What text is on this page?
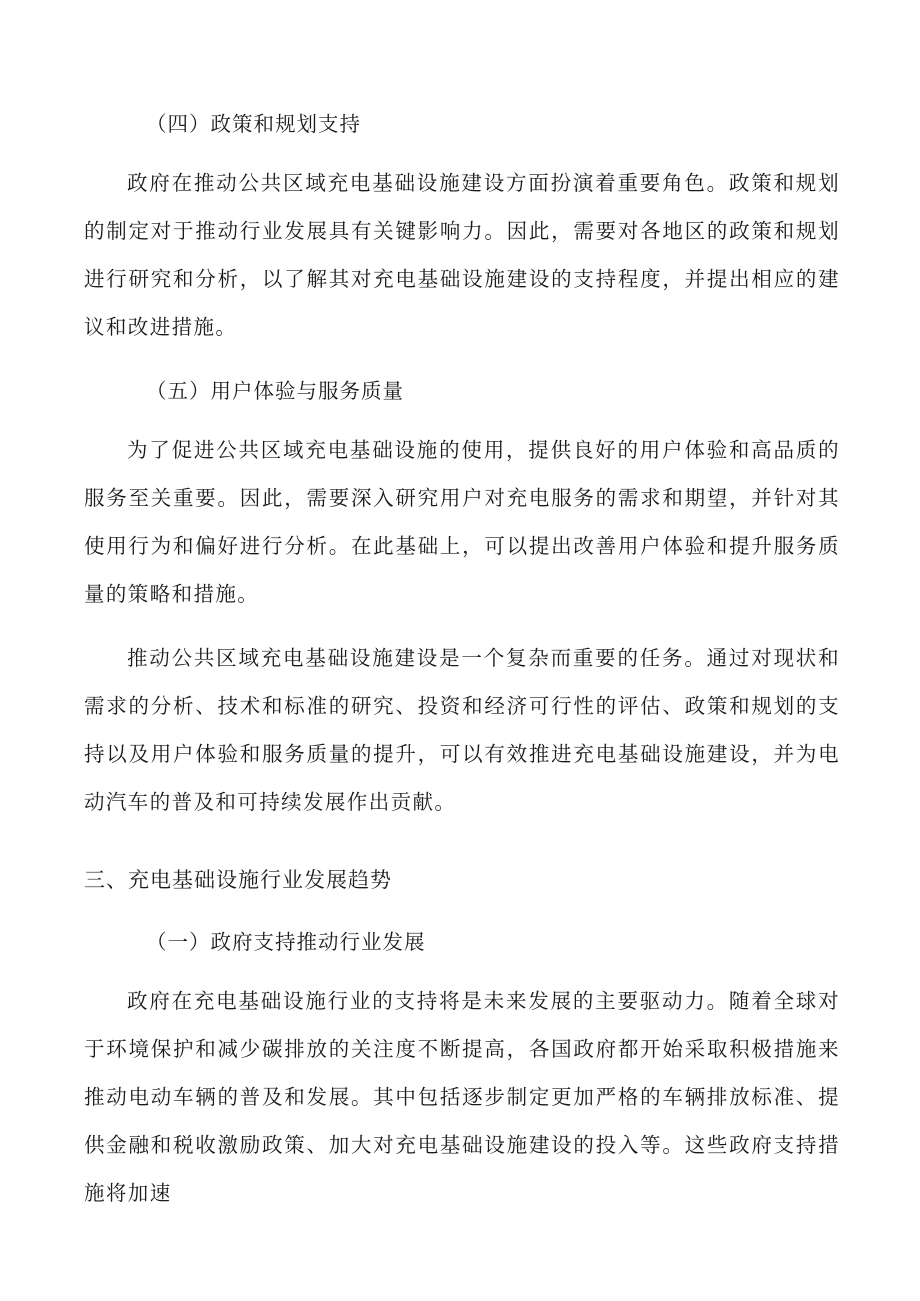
（四）政策和规划支持

政府在推动公共区域充电基础设施建设方面扮演着重要角色。政策和规划的制定对于推动行业发展具有关键影响力。因此，需要对各地区的政策和规划进行研究和分析，以了解其对充电基础设施建设的支持程度，并提出相应的建议和改进措施。

（五）用户体验与服务质量

为了促进公共区域充电基础设施的使用，提供良好的用户体验和高品质的服务至关重要。因此，需要深入研究用户对充电服务的需求和期望，并针对其使用行为和偏好进行分析。在此基础上，可以提出改善用户体验和提升服务质量的策略和措施。

推动公共区域充电基础设施建设是一个复杂而重要的任务。通过对现状和需求的分析、技术和标准的研究、投资和经济可行性的评估、政策和规划的支持以及用户体验和服务质量的提升，可以有效推进充电基础设施建设，并为电动汽车的普及和可持续发展作出贡献。

三、充电基础设施行业发展趋势

（一）政府支持推动行业发展

政府在充电基础设施行业的支持将是未来发展的主要驱动力。随着全球对于环境保护和减少碳排放的关注度不断提高，各国政府都开始采取积极措施来推动电动车辆的普及和发展。其中包括逐步制定更加严格的车辆排放标准、提供金融和税收激励政策、加大对充电基础设施建设的投入等。这些政府支持措施将加速
